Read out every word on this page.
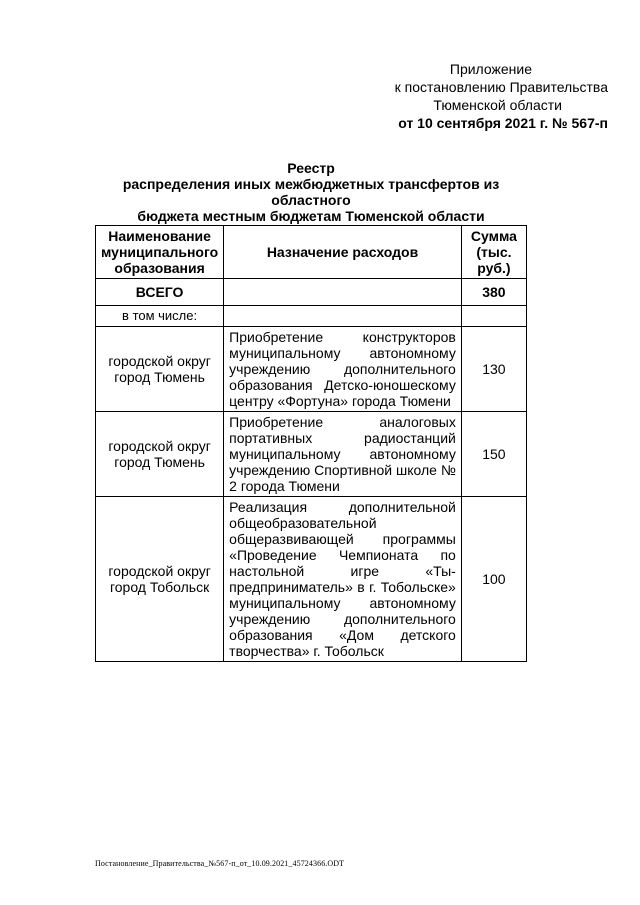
Приложение
к постановлению Правительства
Тюменской области
от 10 сентября 2021 г. № 567-п
Реестр
распределения иных межбюджетных трансфертов из областного
бюджета местным бюджетам Тюменской области
Наименование муниципального образования	Назначение расходов	Сумма (тыс. руб.)
ВСЕГО		380
в том числе:		
городской округ город Тюмень	Приобретение конструкторов муниципальному автономному учреждению дополнительного образования Детско-юношескому центру «Фортуна» города Тюмени	130
городской округ город Тюмень	Приобретение аналоговых портативных радиостанций муниципальному автономному учреждению Спортивной школе № 2 города Тюмени	150
городской округ город Тобольск	Реализация дополнительной общеобразовательной общеразвивающей программы «Проведение Чемпионата по настольной игре «Ты-предприниматель» в г. Тобольске» муниципальному автономному учреждению дополнительного образования «Дом детского творчества» г. Тобольск	100
Постановление_Правительства_№567-п_от_10.09.2021_45724366.ODT
